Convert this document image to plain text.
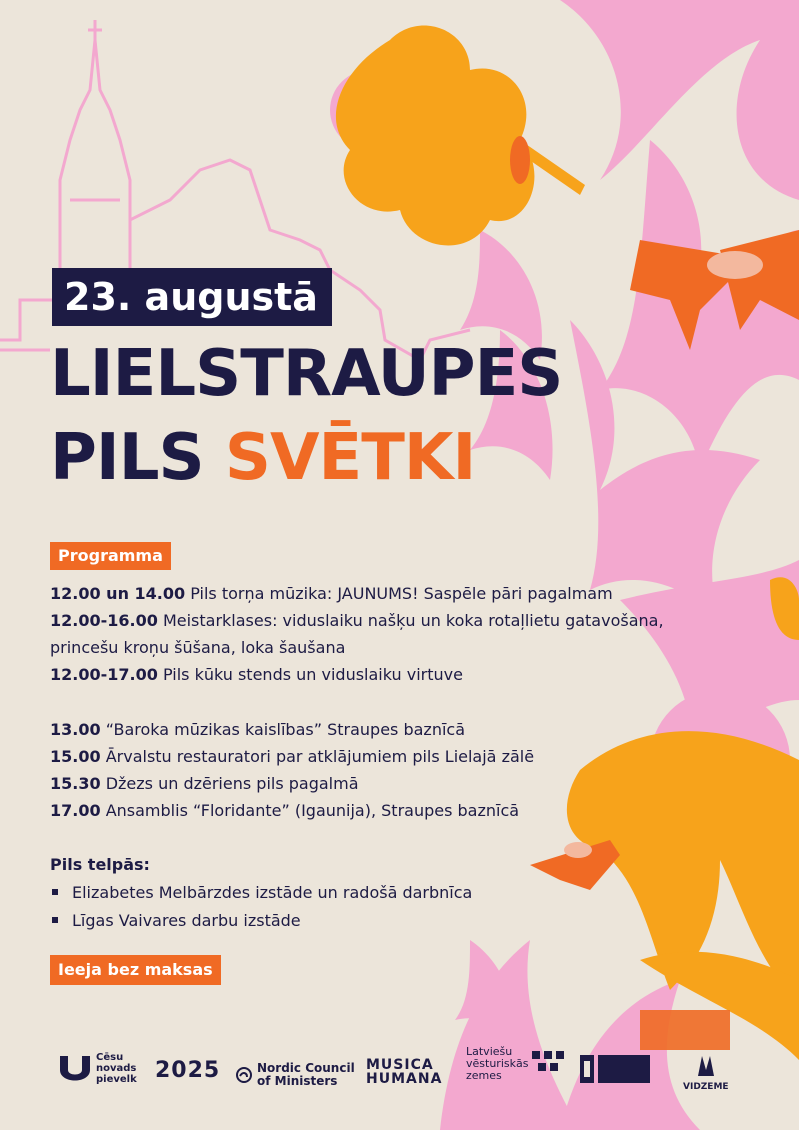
23. augustā
LIELSTRAUPES
PILS SVĒTKI
Programma
12.00 un 14.00 Pils torņa mūzika: JAUNUMS! Saspēle pāri pagalmam
12.00-16.00 Meistarklases: viduslaiku našķu un koka rotaļlietu gatavošana,
princešu kroņu šūšana, loka šaušana
12.00-17.00 Pils kūku stends un viduslaiku virtuve
13.00 “Baroka mūzikas kaislības” Straupes baznīcā
15.00 Ārvalstu restauratori par atklājumiem pils Lielajā zālē
15.30 Džezs un dzēriens pils pagalmā
17.00 Ansamblis “Floridante” (Igaunija), Straupes baznīcā
Pils telpās:
Elizabetes Melbārzdes izstāde un radošā darbnīca
Līgas Vaivares darbu izstāde
Ieeja bez maksas
Cēsu
novads
pievelk 2025	Nordic Council
of Ministers
MUSICA
HUMANA
Latviešu
vēsturiskās
zemes
VIDZEME
